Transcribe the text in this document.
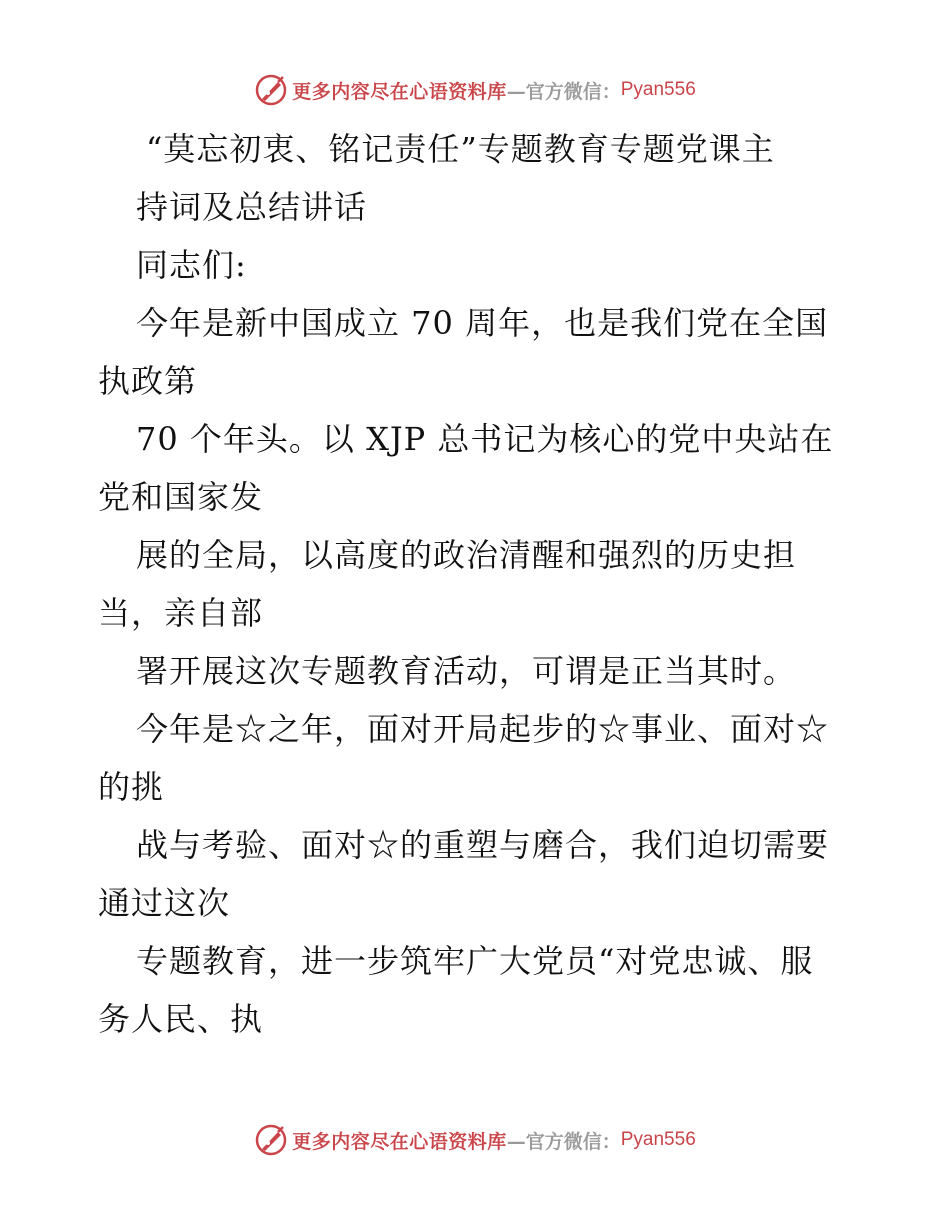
更多内容尽在心语资料库 —官方微信： Pyan556
“莫忘初衷、铭记责任”专题教育专题党课主
持词及总结讲话
同志们:
今年是新中国成立 70 周年，也是我们党在全国
执政第
70 个年头。以 XJP 总书记为核心的党中央站在
党和国家发
展的全局，以高度的政治清醒和强烈的历史担
当，亲自部
署开展这次专题教育活动，可谓是正当其时。
今年是☆之年，面对开局起步的☆事业、面对☆
的挑
战与考验、面对☆的重塑与磨合，我们迫切需要
通过这次
专题教育，进一步筑牢广大党员“对党忠诚、服
务人民、执
更多内容尽在心语资料库 —官方微信： Pyan556
